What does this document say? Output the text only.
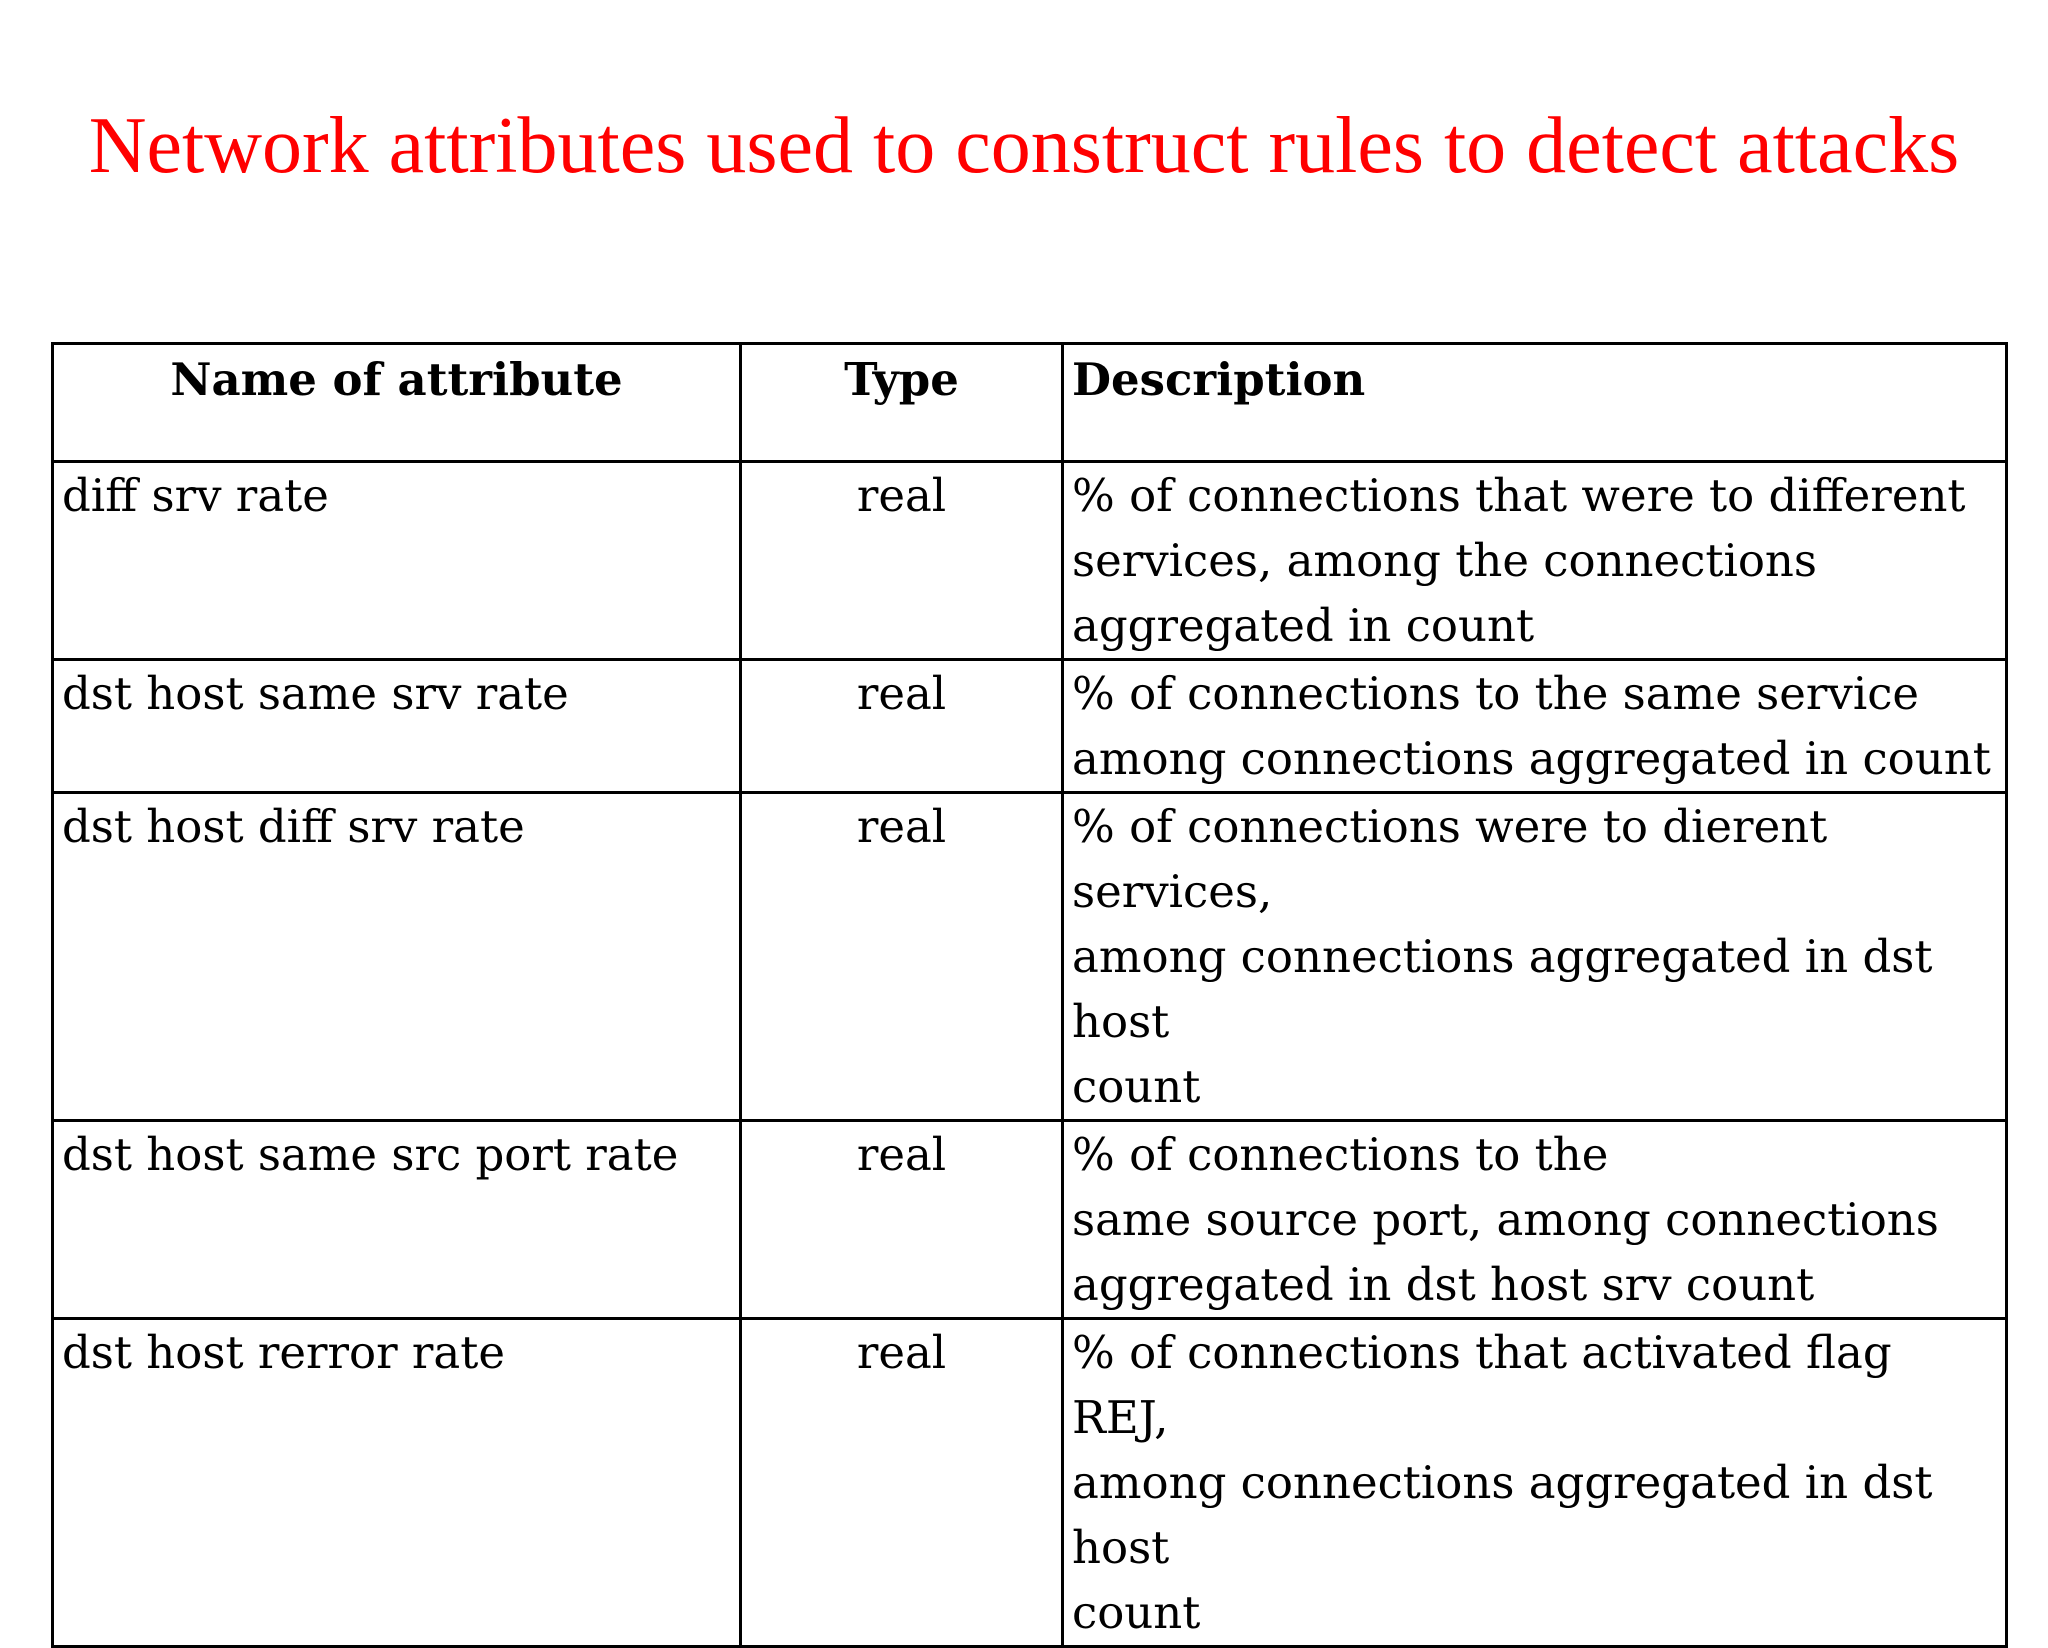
Network attributes used to construct rules to detect attacks
Name of attribute	Type	Description
diff srv rate	real	% of connections that were to different
services, among the connections
aggregated in count
dst host same srv rate	real	% of connections to the same service
among connections aggregated in count
dst host diff srv rate	real	% of connections were to dierent services,
among connections aggregated in dst host
count
dst host same src port rate	real	% of connections to the
same source port, among connections
aggregated in dst host srv count
dst host rerror rate	real	% of connections that activated flag REJ,
among connections aggregated in dst host
count
